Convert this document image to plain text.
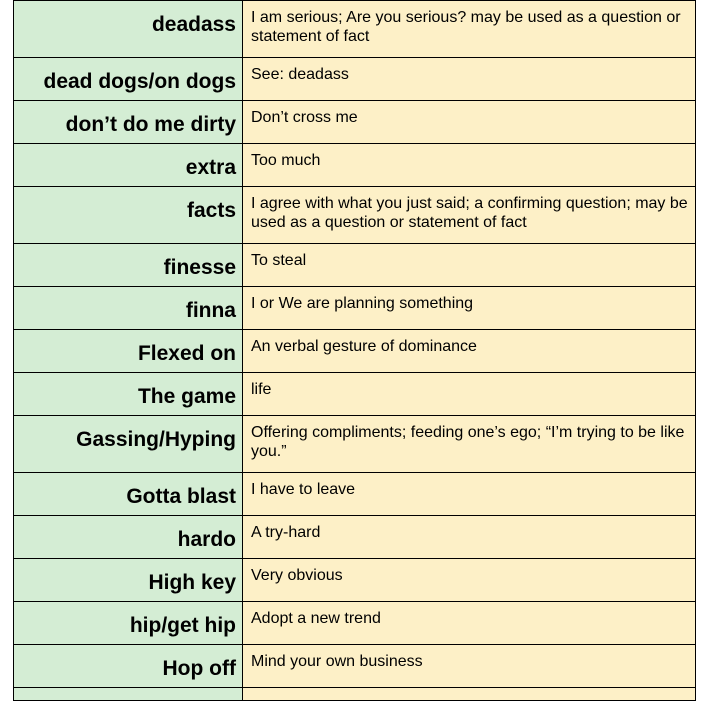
deadass	I am serious; Are you serious? may be used as a question or statement of fact
dead dogs/on dogs	See: deadass
don’t do me dirty	Don’t cross me
extra	Too much
facts	I agree with what you just said; a confirming question; may be used as a question or statement of fact
finesse	To steal
finna	I or We are planning something
Flexed on	An verbal gesture of dominance
The game	life
Gassing/Hyping	Offering compliments; feeding one’s ego; “I’m trying to be like you.”
Gotta blast	I have to leave
hardo	A try-hard
High key	Very obvious
hip/get hip	Adopt a new trend
Hop off	Mind your own business
